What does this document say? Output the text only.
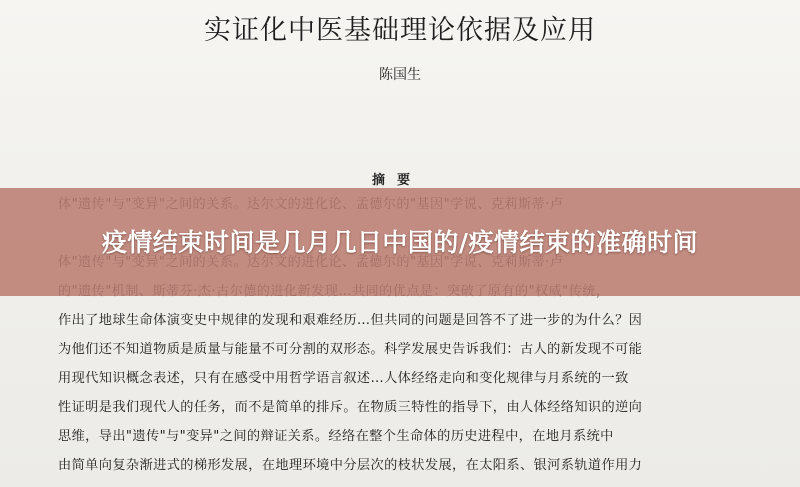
实证化中医基础理论依据及应用
陈国生
摘要
作出了地球生命体演变史中规律的发现和艰难经历…但共同的问题是回答不了进一步的为什么？因
为他们还不知道物质是质量与能量不可分割的双形态。科学发展史告诉我们：古人的新发现不可能
用现代知识概念表述，只有在感受中用哲学语言叙述…人体经络走向和变化规律与月系统的一致
性证明是我们现代人的任务，而不是简单的排斥。在物质三特性的指导下，由人体经络知识的逆向
思维，导出"遗传"与"变异"之间的辩证关系。经络在整个生命体的历史进程中，在地月系统中
由简单向复杂渐进式的梯形发展，在地理环境中分层次的枝状发展，在太阳系、银河系轨道作用力
疫情结束时间是几月几日中国的/疫情结束的准确时间
